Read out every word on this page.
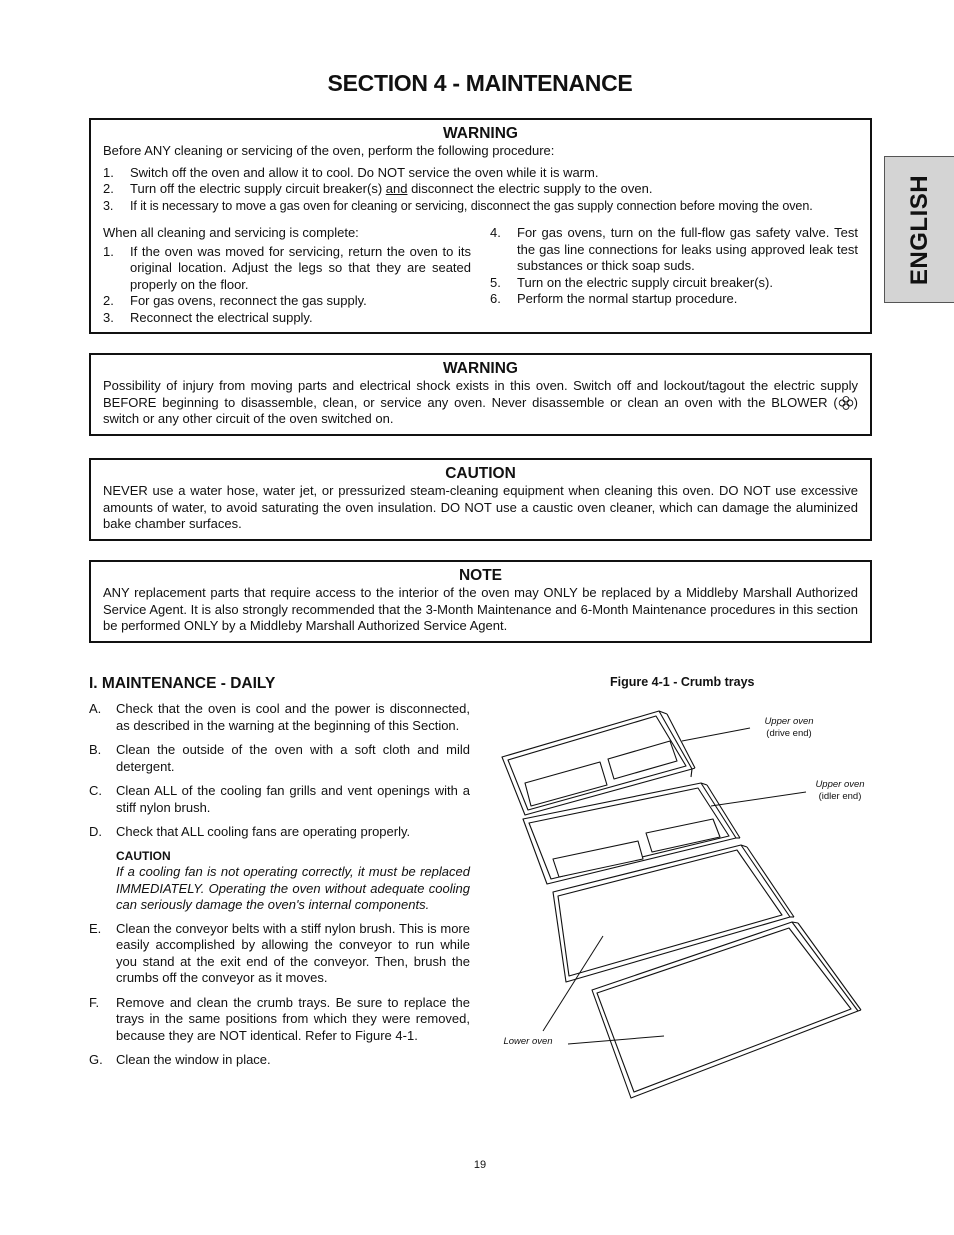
SECTION 4 - MAINTENANCE
ENGLISH
WARNING

Before ANY cleaning or servicing of the oven, perform the following procedure:

1. Switch off the oven and allow it to cool. Do NOT service the oven while it is warm.
2. Turn off the electric supply circuit breaker(s) and disconnect the electric supply to the oven.
3. If it is necessary to move a gas oven for cleaning or servicing, disconnect the gas supply connection before moving the oven.

When all cleaning and servicing is complete:

1. If the oven was moved for servicing, return the oven to its original location. Adjust the legs so that they are seated properly on the floor.
2. For gas ovens, reconnect the gas supply.
3. Reconnect the electrical supply.
4. For gas ovens, turn on the full-flow gas safety valve. Test the gas line connections for leaks using approved leak test substances or thick soap suds.
5. Turn on the electric supply circuit breaker(s).
6. Perform the normal startup procedure.
WARNING

Possibility of injury from moving parts and electrical shock exists in this oven. Switch off and lockout/tagout the electric supply BEFORE beginning to disassemble, clean, or service any oven. Never disassemble or clean an oven with the BLOWER ( ) switch or any other circuit of the oven switched on.

CAUTION

NEVER use a water hose, water jet, or pressurized steam-cleaning equipment when cleaning this oven. DO NOT use excessive amounts of water, to avoid saturating the oven insulation. DO NOT use a caustic oven cleaner, which can damage the aluminized bake chamber surfaces.

NOTE

ANY replacement parts that require access to the interior of the oven may ONLY be replaced by a Middleby Marshall Authorized Service Agent. It is also strongly recommended that the 3-Month Maintenance and 6-Month Maintenance procedures in this section be performed ONLY by a Middleby Marshall Authorized Service Agent.

I. MAINTENANCE - DAILY
A. Check that the oven is cool and the power is disconnected, as described in the warning at the beginning of this Section.
B. Clean the outside of the oven with a soft cloth and mild detergent.
C. Clean ALL of the cooling fan grills and vent openings with a stiff nylon brush.
D. Check that ALL cooling fans are operating properly.
CAUTION
If a cooling fan is not operating correctly, it must be replaced IMMEDIATELY. Operating the oven without adequate cooling can seriously damage the oven's internal components.
E. Clean the conveyor belts with a stiff nylon brush. This is more easily accomplished by allowing the conveyor to run while you stand at the exit end of the conveyor. Then, brush the crumbs off the conveyor as it moves.
F. Remove and clean the crumb trays. Be sure to replace the trays in the same positions from which they were removed, because they are NOT identical. Refer to Figure 4-1.
G. Clean the window in place.
Figure 4-1 - Crumb trays
Upper oven
(drive end)
Upper oven
(idler end)
Lower oven
19
